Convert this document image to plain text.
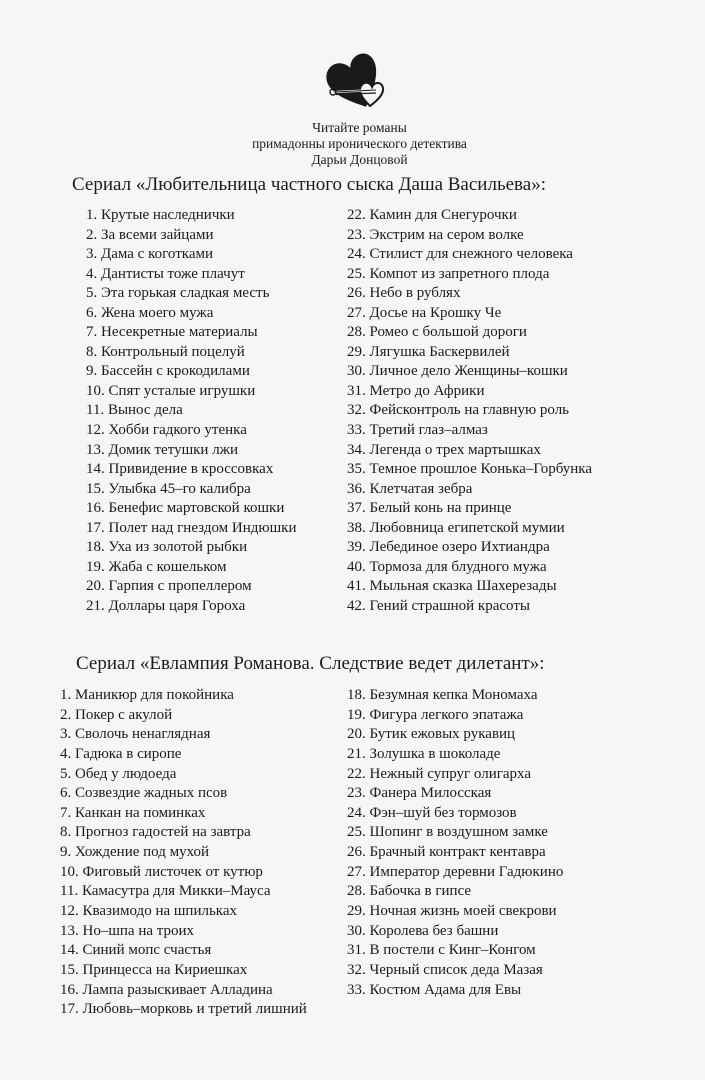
Читайте романы
примадонны иронического детектива
Дарьи Донцовой
Сериал «Любительница частного сыска Даша Васильева»:
1. Крутые наследнички
2. За всеми зайцами
3. Дама с коготками
4. Дантисты тоже плачут
5. Эта горькая сладкая месть
6. Жена моего мужа
7. Несекретные материалы
8. Контрольный поцелуй
9. Бассейн с крокодилами
10. Спят усталые игрушки
11. Вынос дела
12. Хобби гадкого утенка
13. Домик тетушки лжи
14. Привидение в кроссовках
15. Улыбка 45–го калибра
16. Бенефис мартовской кошки
17. Полет над гнездом Индюшки
18. Уха из золотой рыбки
19. Жаба с кошельком
20. Гарпия с пропеллером
21. Доллары царя Гороха
22. Камин для Снегурочки
23. Экстрим на сером волке
24. Стилист для снежного человека
25. Компот из запретного плода
26. Небо в рублях
27. Досье на Крошку Че
28. Ромео с большой дороги
29. Лягушка Баскервилей
30. Личное дело Женщины–кошки
31. Метро до Африки
32. Фейсконтроль на главную роль
33. Третий глаз–алмаз
34. Легенда о трех мартышках
35. Темное прошлое Конька–Горбунка
36. Клетчатая зебра
37. Белый конь на принце
38. Любовница египетской мумии
39. Лебединое озеро Ихтиандра
40. Тормоза для блудного мужа
41. Мыльная сказка Шахерезады
42. Гений страшной красоты
Сериал «Евлампия Романова. Следствие ведет дилетант»:
1. Маникюр для покойника
2. Покер с акулой
3. Сволочь ненаглядная
4. Гадюка в сиропе
5. Обед у людоеда
6. Созвездие жадных псов
7. Канкан на поминках
8. Прогноз гадостей на завтра
9. Хождение под мухой
10. Фиговый листочек от кутюр
11. Камасутра для Микки–Мауса
12. Квазимодо на шпильках
13. Но–шпа на троих
14. Синий мопс счастья
15. Принцесса на Кириешках
16. Лампа разыскивает Алладина
17. Любовь–морковь и третий лишний
18. Безумная кепка Мономаха
19. Фигура легкого эпатажа
20. Бутик ежовых рукавиц
21. Золушка в шоколаде
22. Нежный супруг олигарха
23. Фанера Милосская
24. Фэн–шуй без тормозов
25. Шопинг в воздушном замке
26. Брачный контракт кентавра
27. Император деревни Гадюкино
28. Бабочка в гипсе
29. Ночная жизнь моей свекрови
30. Королева без башни
31. В постели с Кинг–Конгом
32. Черный список деда Мазая
33. Костюм Адама для Евы
